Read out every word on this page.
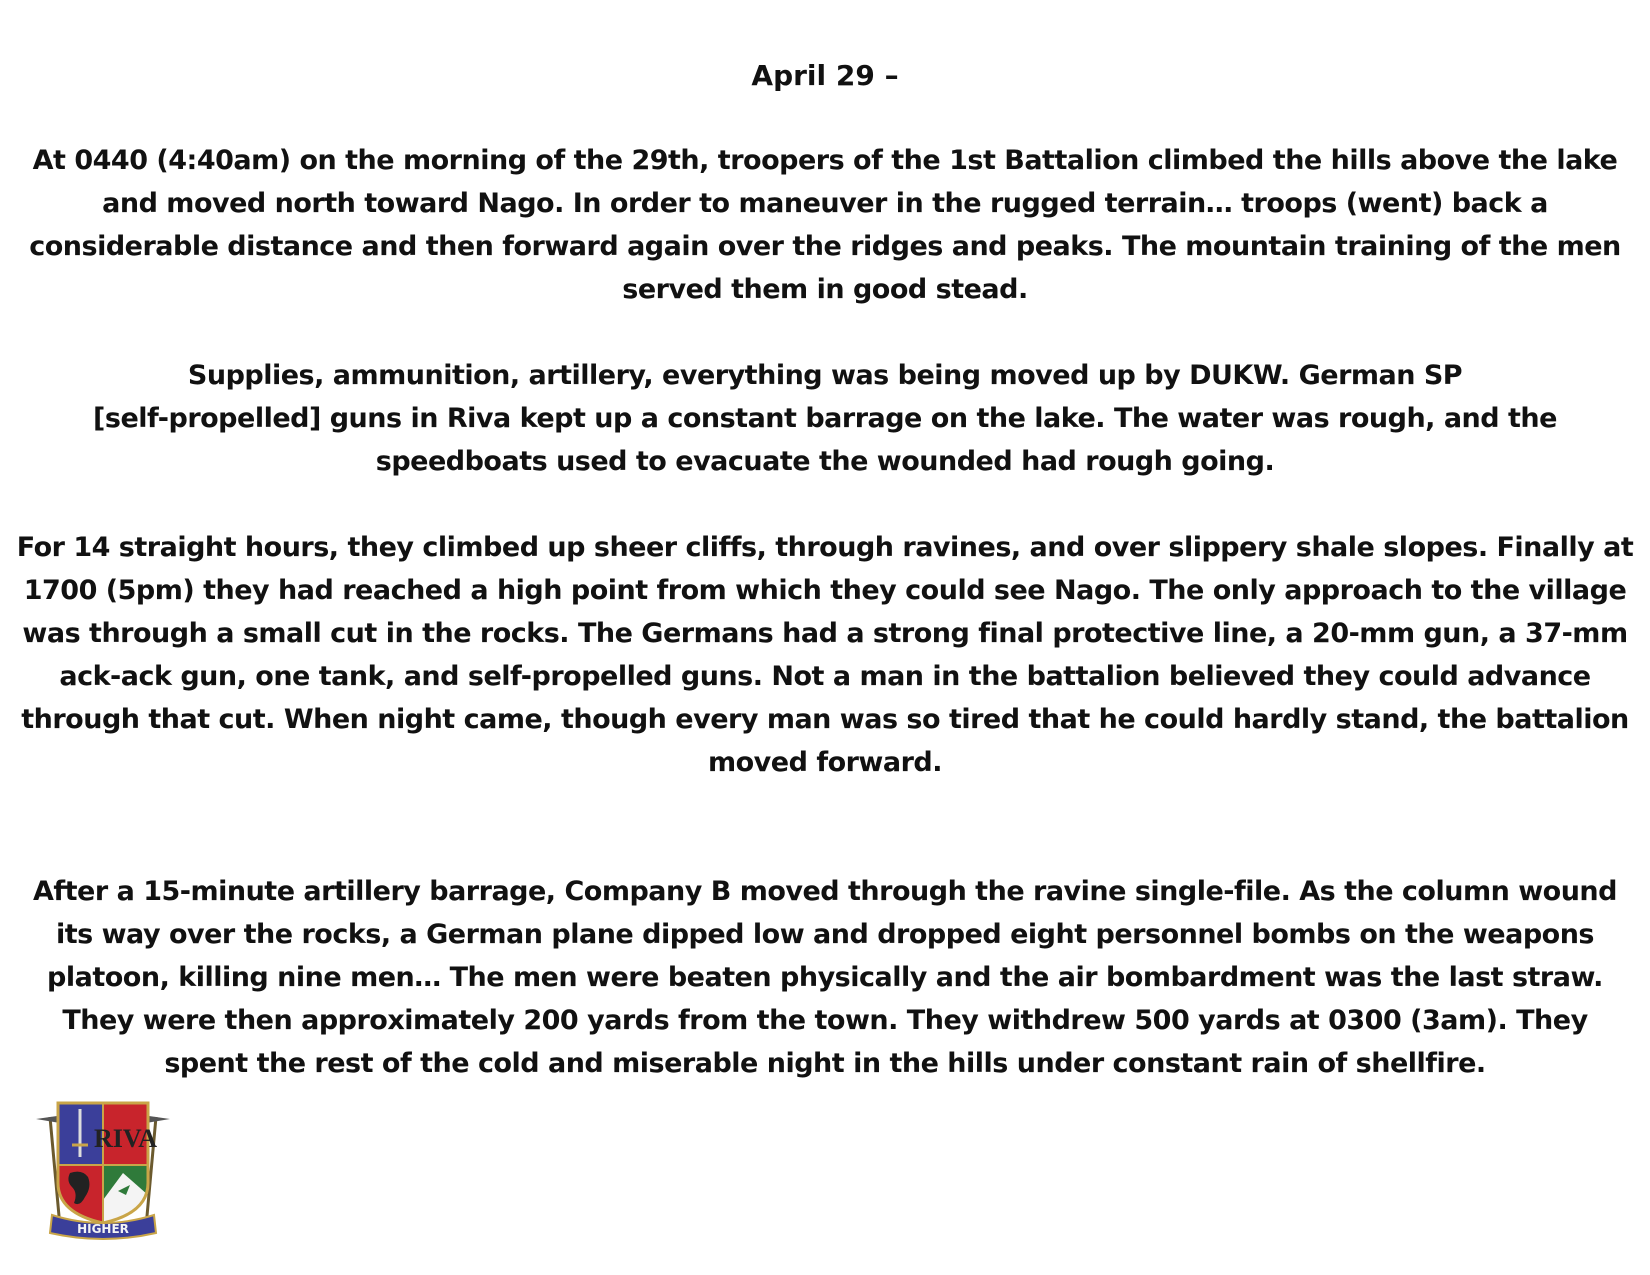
April 29 –

At 0440 (4:40am) on the morning of the 29th, troopers of the 1st Battalion climbed the hills above the lake
and moved north toward Nago. In order to maneuver in the rugged terrain… troops (went) back a
considerable distance and then forward again over the ridges and peaks. The mountain training of the men
served them in good stead.

Supplies, ammunition, artillery, everything was being moved up by DUKW. German SP
[self-propelled] guns in Riva kept up a constant barrage on the lake. The water was rough, and the
speedboats used to evacuate the wounded had rough going.

For 14 straight hours, they climbed up sheer cliffs, through ravines, and over slippery shale slopes. Finally at
1700 (5pm) they had reached a high point from which they could see Nago. The only approach to the village
was through a small cut in the rocks. The Germans had a strong final protective line, a 20-mm gun, a 37-mm
ack-ack gun, one tank, and self-propelled guns. Not a man in the battalion believed they could advance
through that cut. When night came, though every man was so tired that he could hardly stand, the battalion
moved forward.

After a 15-minute artillery barrage, Company B moved through the ravine single-file. As the column wound
its way over the rocks, a German plane dipped low and dropped eight personnel bombs on the weapons
platoon, killing nine men… The men were beaten physically and the air bombardment was the last straw.
They were then approximately 200 yards from the town. They withdrew 500 yards at 0300 (3am). They
spent the rest of the cold and miserable night in the hills under constant rain of shellfire.

RIVA
HIGHER
